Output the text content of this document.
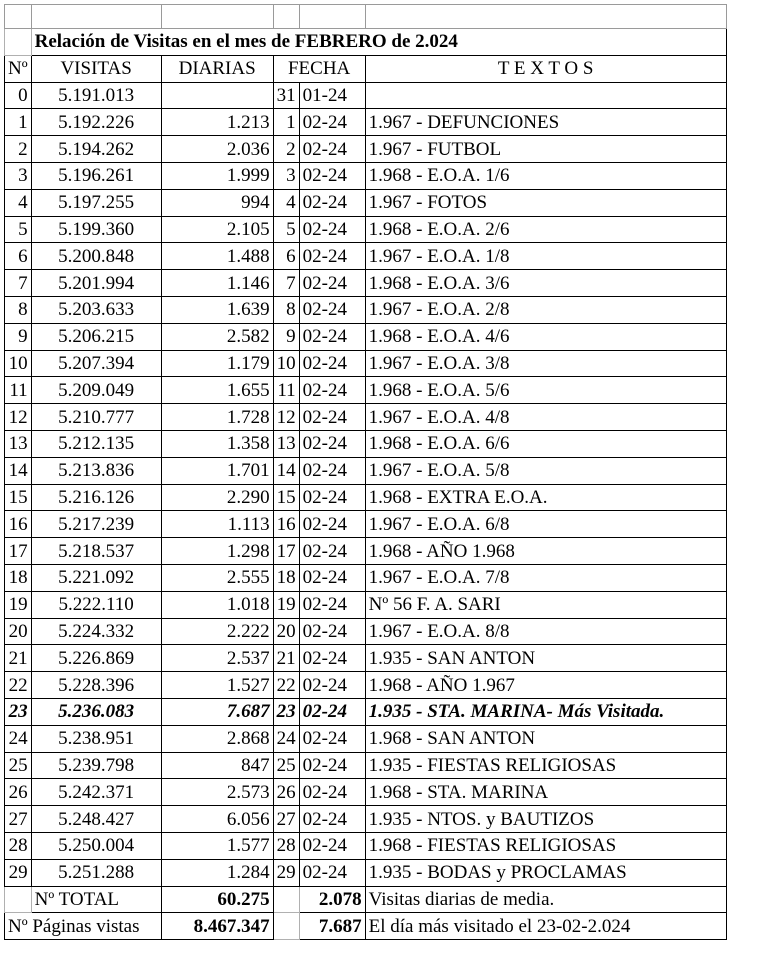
	Relación de Visitas en el mes de FEBRERO de 2.024				
Nº	VISITAS	DIARIAS	FECHA		T E X T O S
0	5.191.013		31	01-24	
1	5.192.226	1.213	1	02-24	1.967 - DEFUNCIONES
2	5.194.262	2.036	2	02-24	1.967 - FUTBOL
3	5.196.261	1.999	3	02-24	1.968 - E.O.A. 1/6
4	5.197.255	994	4	02-24	1.967 - FOTOS
5	5.199.360	2.105	5	02-24	1.968 - E.O.A. 2/6
6	5.200.848	1.488	6	02-24	1.967 - E.O.A. 1/8
7	5.201.994	1.146	7	02-24	1.968 - E.O.A. 3/6
8	5.203.633	1.639	8	02-24	1.967 - E.O.A. 2/8
9	5.206.215	2.582	9	02-24	1.968 - E.O.A. 4/6
10	5.207.394	1.179	10	02-24	1.967 - E.O.A. 3/8
11	5.209.049	1.655	11	02-24	1.968 - E.O.A. 5/6
12	5.210.777	1.728	12	02-24	1.967 - E.O.A. 4/8
13	5.212.135	1.358	13	02-24	1.968 - E.O.A. 6/6
14	5.213.836	1.701	14	02-24	1.967 - E.O.A. 5/8
15	5.216.126	2.290	15	02-24	1.968 - EXTRA E.O.A.
16	5.217.239	1.113	16	02-24	1.967 - E.O.A. 6/8
17	5.218.537	1.298	17	02-24	1.968 - AÑO 1.968
18	5.221.092	2.555	18	02-24	1.967 - E.O.A. 7/8
19	5.222.110	1.018	19	02-24	Nº 56 F. A. SARI
20	5.224.332	2.222	20	02-24	1.967 - E.O.A. 8/8
21	5.226.869	2.537	21	02-24	1.935 - SAN ANTON
22	5.228.396	1.527	22	02-24	1.968 - AÑO 1.967
23	5.236.083	7.687	23	02-24	1.935 - STA. MARINA- Más Visitada.
24	5.238.951	2.868	24	02-24	1.968 - SAN ANTON
25	5.239.798	847	25	02-24	1.935 - FIESTAS RELIGIOSAS
26	5.242.371	2.573	26	02-24	1.968 - STA. MARINA
27	5.248.427	6.056	27	02-24	1.935 - NTOS. y BAUTIZOS
28	5.250.004	1.577	28	02-24	1.968 - FIESTAS RELIGIOSAS
29	5.251.288	1.284	29	02-24	1.935 - BODAS y PROCLAMAS
	Nº TOTAL	60.275		2.078	Visitas diarias de media.
Nº Páginas vistas		8.467.347		7.687	El día más visitado el 23-02-2.024
